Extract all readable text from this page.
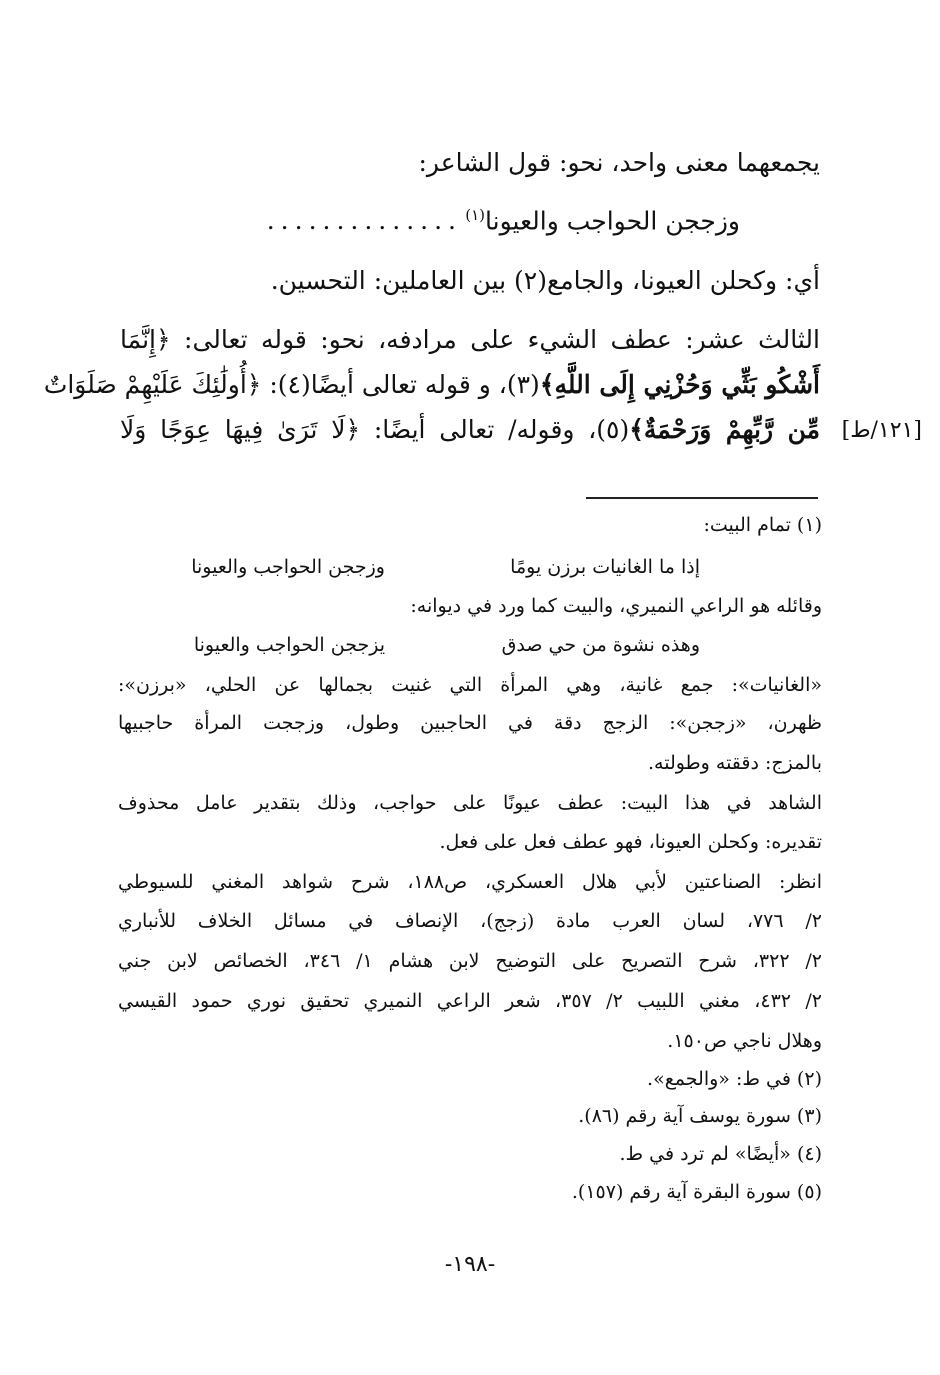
يجمعهما معنى واحد، نحو: قول الشاعر:
وزججن الحواجب والعيونا$^{(١)}$
..............
أي: وكحلن العيونا، والجامع(٢) بين العاملين: التحسين.
الثالث عشر: عطف الشيء على مرادفه، نحو: قوله تعالى: ﴿إِنَّمَا
أَشْكُو بَثِّي وَحُزْنِي إِلَى اللَّهِ﴾(٣)، و قوله تعالى أيضًا(٤): ﴿أُولَٰئِكَ عَلَيْهِمْ صَلَوَاتٌ
مِّن رَّبِّهِمْ وَرَحْمَةٌ﴾(٥)، وقوله/ تعالى أيضًا: ﴿لَا تَرَىٰ فِيهَا عِوَجًا وَلَا	[١٢١/ط]
(١) تمام البيت:
إذا ما الغانيات برزن يومًا
وزججن الحواجب والعيونا
وقائله هو الراعي النميري، والبيت كما ورد في ديوانه:
وهذه نشوة من حي صدق
يزججن الحواجب والعيونا
«الغانيات»: جمع غانية، وهي المرأة التي غنيت بجمالها عن الحلي، «برزن»:
ظهرن، «زججن»: الزجج دقة في الحاجبين وطول، وزججت المرأة حاجبيها
بالمزج: دققته وطولته.
الشاهد في هذا البيت: عطف عيونًا على حواجب، وذلك بتقدير عامل محذوف
تقديره: وكحلن العيونا، فهو عطف فعل على فعل.
انظر: الصناعتين لأبي هلال العسكري، ص١٨٨، شرح شواهد المغني للسيوطي
٢/ ٧٧٦، لسان العرب مادة (زجج)، الإنصاف في مسائل الخلاف للأنباري
٢/ ٣٢٢، شرح التصريح على التوضيح لابن هشام ١/ ٣٤٦، الخصائص لابن جني
٢/ ٤٣٢، مغني اللبيب ٢/ ٣٥٧، شعر الراعي النميري تحقيق نوري حمود القيسي
وهلال ناجي ص١٥٠.
(٢) في ط: «والجمع».
(٣) سورة يوسف آية رقم (٨٦).
(٤) «أيضًا» لم ترد في ط.
(٥) سورة البقرة آية رقم (١٥٧).
-١٩٨-
